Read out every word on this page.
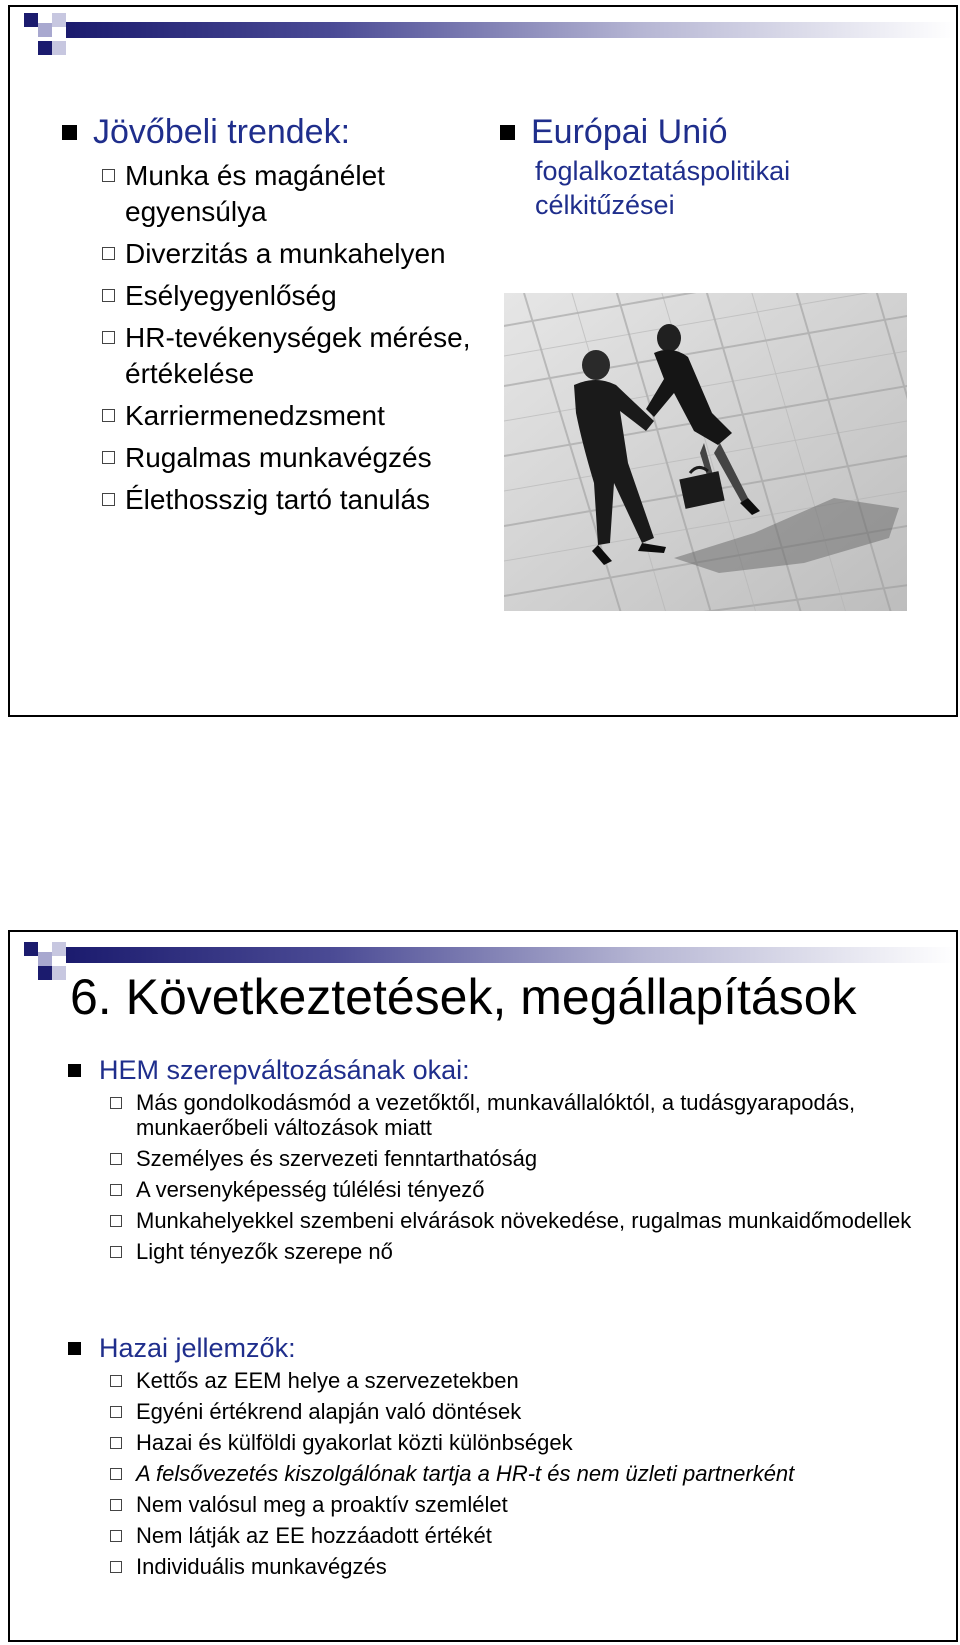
Jövőbeli trendek:
Munka és magánélet egyensúlya
Diverzitás a munkahelyen
Esélyegyenlőség
HR-tevékenységek mérése, értékelése
Karriermenedzsment
Rugalmas munkavégzés
Élethosszig tartó tanulás
Európai Unió
foglalkoztatáspolitikai
célkitűzései
6. Következtetések, megállapítások
HEM szerepváltozásának okai:
Más gondolkodásmód a vezetőktől, munkavállalóktól, a tudásgyarapodás, munkaerőbeli változások miatt
Személyes és szervezeti fenntarthatóság
A versenyképesség túlélési tényező
Munkahelyekkel szembeni elvárások növekedése, rugalmas munkaidőmodellek
Light tényezők szerepe nő
Hazai jellemzők:
Kettős az EEM helye a szervezetekben
Egyéni értékrend alapján való döntések
Hazai és külföldi gyakorlat közti különbségek
A felsővezetés kiszolgálónak tartja a HR-t és nem üzleti partnerként
Nem valósul meg a proaktív szemlélet
Nem látják az EE hozzáadott értékét
Individuális munkavégzés
